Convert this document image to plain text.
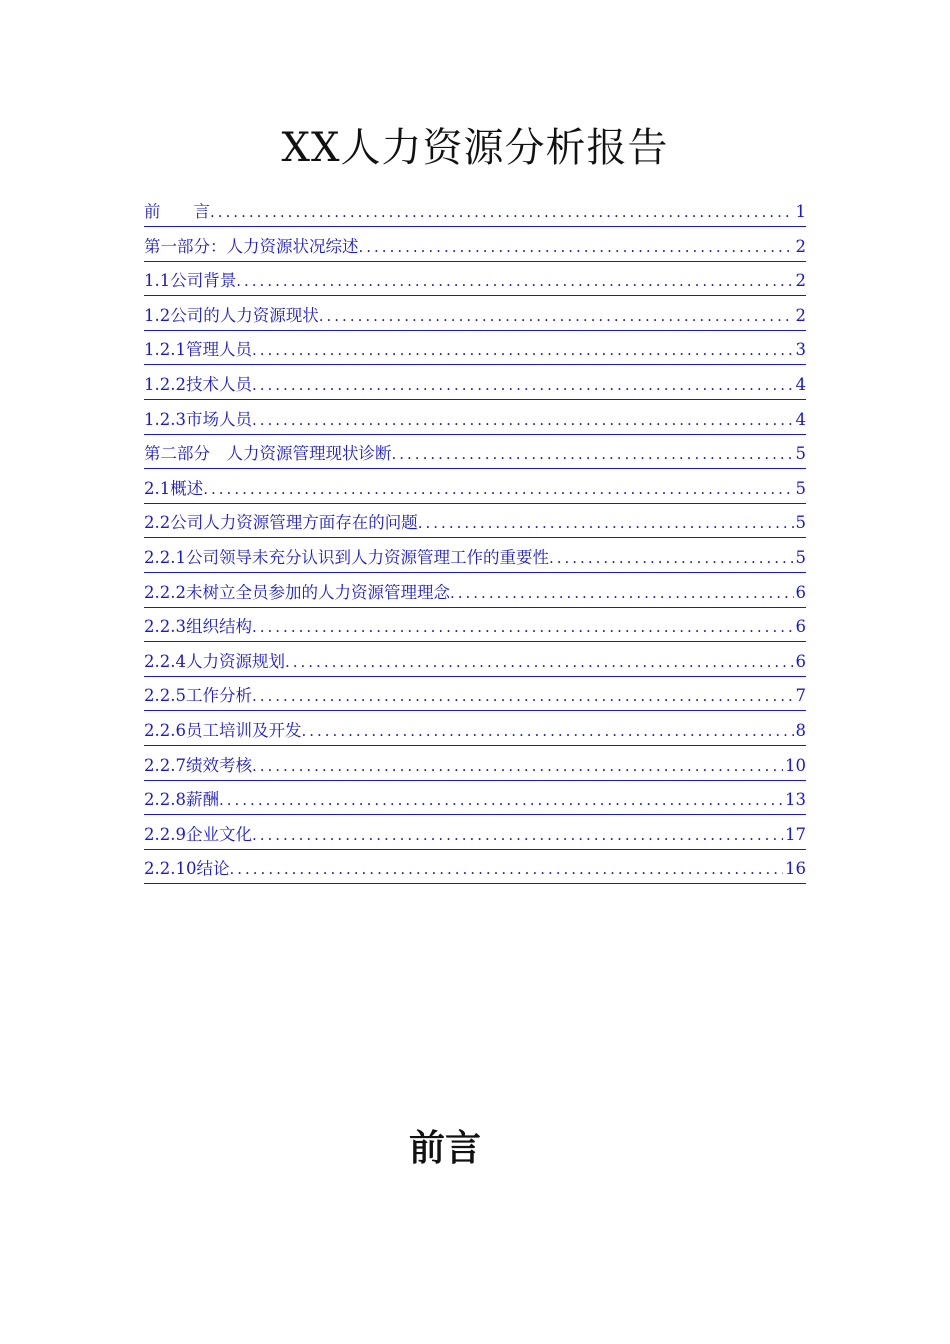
XX人力资源分析报告
前　　言 .....	1
第一部分：人力资源状况综述 .....	2
1.1公司背景 .....	2
1.2公司的人力资源现状 .....	2
1.2.1管理人员 .....	3
1.2.2技术人员 .....	4
1.2.3市场人员 .....	4
第二部分　人力资源管理现状诊断 .....	5
2.1概述 .....	5
2.2公司人力资源管理方面存在的问题 .....	5
2.2.1公司领导未充分认识到人力资源管理工作的重要性 .....	5
2.2.2未树立全员参加的人力资源管理理念 .....	6
2.2.3组织结构 .....	6
2.2.4人力资源规划 .....	6
2.2.5工作分析 .....	7
2.2.6员工培训及开发 .....	8
2.2.7绩效考核 .....	10
2.2.8薪酬 .....	13
2.2.9企业文化 .....	17
2.2.10结论 .....	16
前言
